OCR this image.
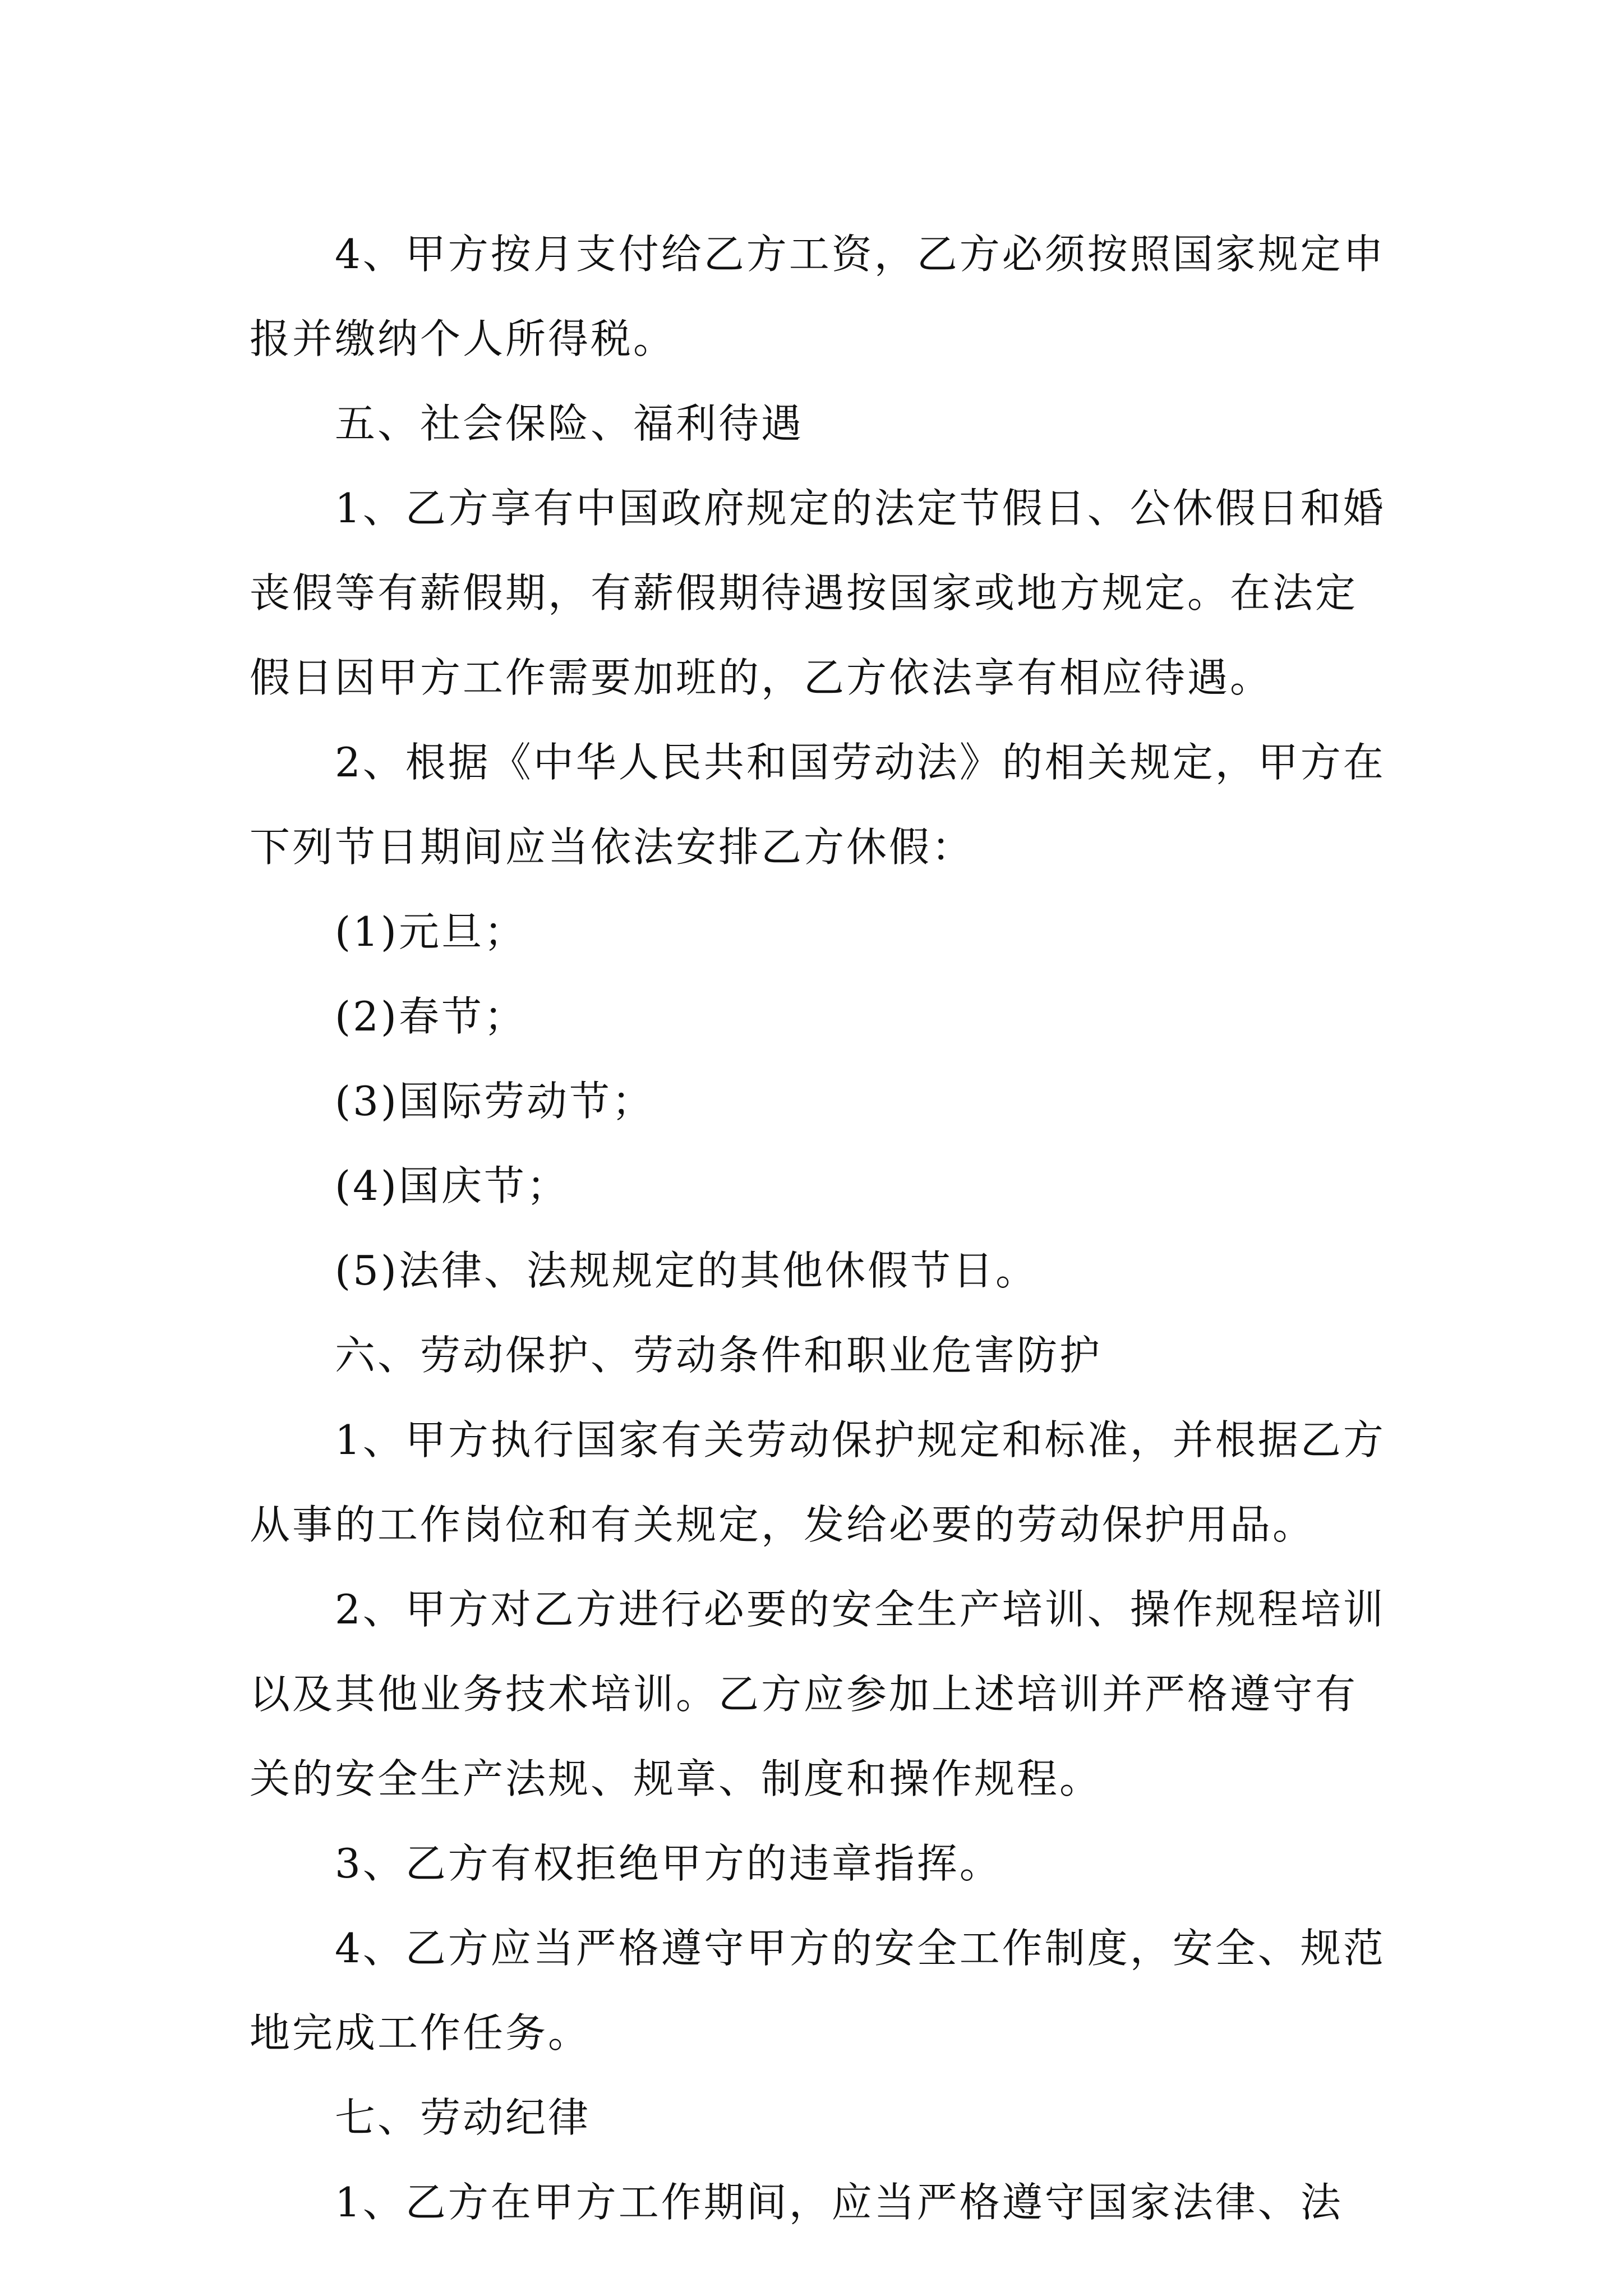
4、甲方按月支付给乙方工资，乙方必须按照国家规定申报并缴纳个人所得税。

五、社会保险、福利待遇

1、乙方享有中国政府规定的法定节假日、公休假日和婚丧假等有薪假期，有薪假期待遇按国家或地方规定。在法定假日因甲方工作需要加班的，乙方依法享有相应待遇。

2、根据《中华人民共和国劳动法》的相关规定，甲方在下列节日期间应当依法安排乙方休假：

(1)元旦；

(2)春节；

(3)国际劳动节；

(4)国庆节；

(5)法律、法规规定的其他休假节日。

六、劳动保护、劳动条件和职业危害防护

1、甲方执行国家有关劳动保护规定和标准，并根据乙方从事的工作岗位和有关规定，发给必要的劳动保护用品。

2、甲方对乙方进行必要的安全生产培训、操作规程培训以及其他业务技术培训。乙方应参加上述培训并严格遵守有关的安全生产法规、规章、制度和操作规程。

3、乙方有权拒绝甲方的违章指挥。

4、乙方应当严格遵守甲方的安全工作制度，安全、规范地完成工作任务。

七、劳动纪律

1、乙方在甲方工作期间，应当严格遵守国家法律、法
